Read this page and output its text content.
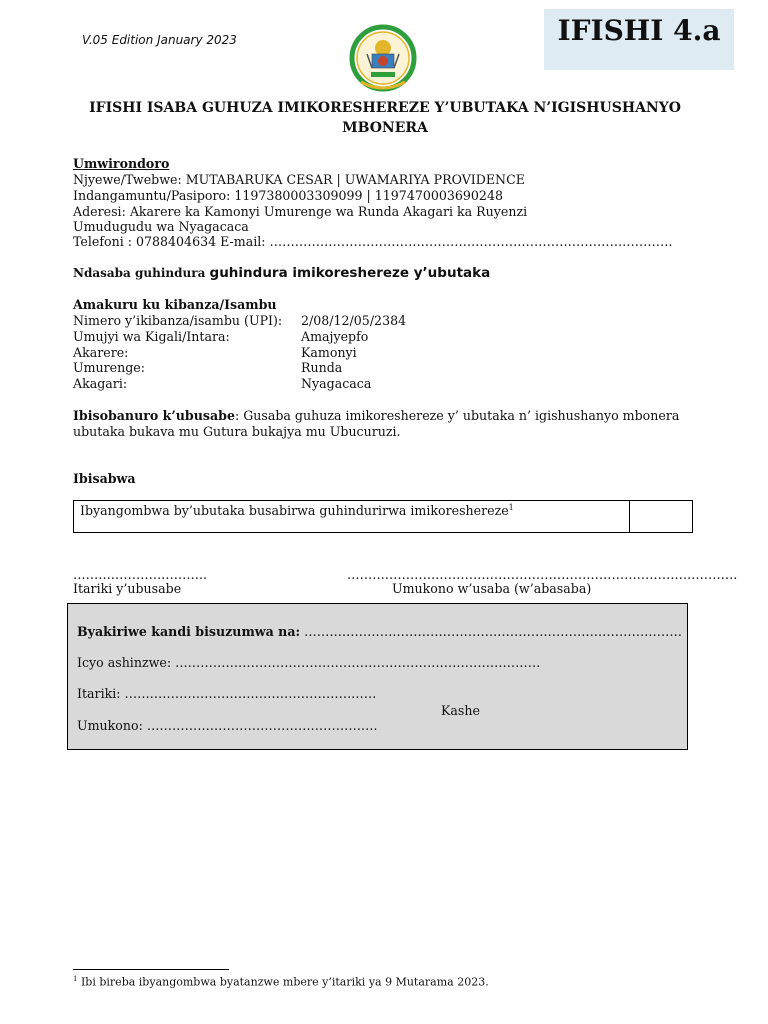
V.05 Edition January 2023	IFISHI 4.a
IFISHI ISABA GUHUZA IMIKORESHEREZE Y’UBUTAKA N’IGISHUSHANYO MBONERA
Umwirondoro
Njyewe/Twebwe: MUTABARUKA CESAR | UWAMARIYA PROVIDENCE
Indangamuntu/Pasiporo: 1197380003309099 | 1197470003690248
Aderesi: Akarere ka Kamonyi Umurenge wa Runda Akagari ka Ruyenzi
Umudugudu wa Nyagacaca
Telefoni : 0788404634 E-mail: ……………………………………………………………………………………
Ndasaba guhindura guhindura imikoreshereze y’ubutaka
Amakuru ku kibanza/Isambu
Nimero y’ikibanza/isambu (UPI): 2/08/12/05/2384
Umujyi wa Kigali/Intara:	Amajyepfo
Akarere:	Kamonyi
Umurenge:	Runda
Akagari:	Nyagacaca
Ibisobanuro k’ubusabe: Gusaba guhuza imikoreshereze y’ ubutaka n’ igishushanyo mbonera
ubutaka bukava mu Gutura bukajya mu Ubucuruzi.
Ibisabwa
Ibyangombwa by’ubutaka busabirwa guhindurirwa imikoreshereze$^1$
…………………………..	…………………………………………………………………………………
Itariki y’ubusabe	Umukono w’usaba (w’abasaba)
Byakiriwe kandi bisuzumwa na: ………………………………………………………………………………
Icyo ashinzwe: ……………………………………………………………………………
Itariki: ……………………………………………………
Kashe
Umukono: ……………………………………………….
$^1$ Ibi bireba ibyangombwa byatanzwe mbere y’itariki ya 9 Mutarama 2023.
